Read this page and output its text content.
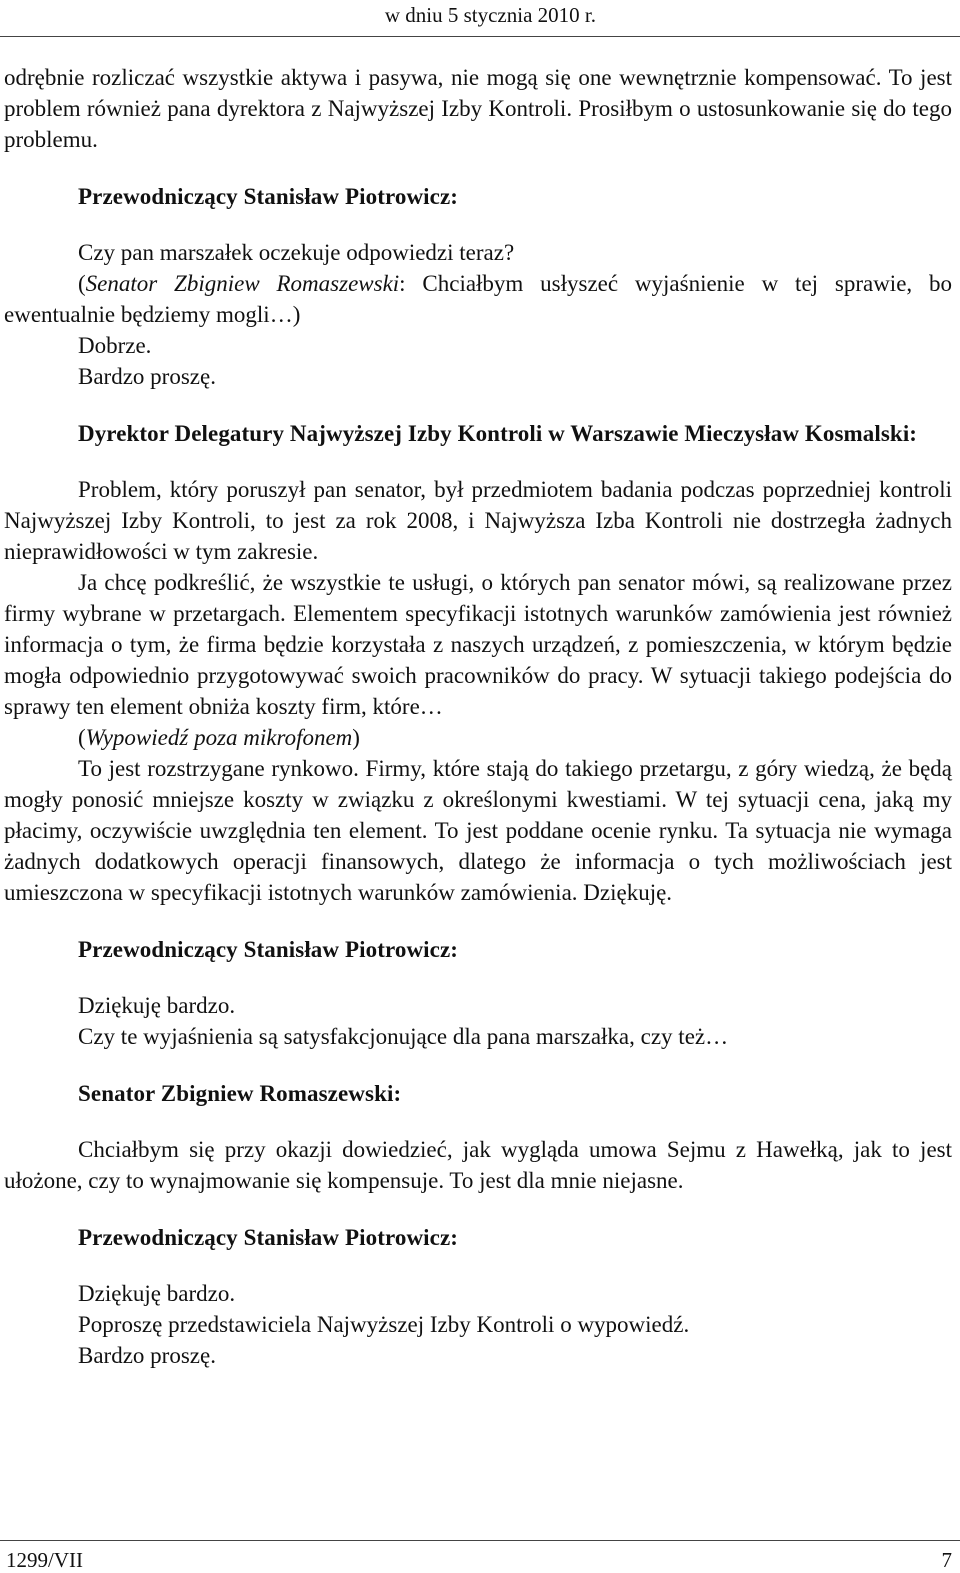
w dniu 5 stycznia 2010 r.

odrębnie rozliczać wszystkie aktywa i pasywa, nie mogą się one wewnętrznie kompensować. To jest problem również pana dyrektora z Najwyższej Izby Kontroli. Prosiłbym o ustosunkowanie się do tego problemu.

Przewodniczący Stanisław Piotrowicz:

Czy pan marszałek oczekuje odpowiedzi teraz?

(Senator Zbigniew Romaszewski: Chciałbym usłyszeć wyjaśnienie w tej sprawie, bo ewentualnie będziemy mogli…)

Dobrze.

Bardzo proszę.

Dyrektor Delegatury Najwyższej Izby Kontroli w Warszawie Mieczysław Kosmalski:

Problem, który poruszył pan senator, był przedmiotem badania podczas poprzedniej kontroli Najwyższej Izby Kontroli, to jest za rok 2008, i Najwyższa Izba Kontroli nie dostrzegła żadnych nieprawidłowości w tym zakresie.

Ja chcę podkreślić, że wszystkie te usługi, o których pan senator mówi, są realizowane przez firmy wybrane w przetargach. Elementem specyfikacji istotnych warunków zamówienia jest również informacja o tym, że firma będzie korzystała z naszych urządzeń, z pomieszczenia, w którym będzie mogła odpowiednio przygotowywać swoich pracowników do pracy. W sytuacji takiego podejścia do sprawy ten element obniża koszty firm, które…

(Wypowiedź poza mikrofonem)

To jest rozstrzygane rynkowo. Firmy, które stają do takiego przetargu, z góry wiedzą, że będą mogły ponosić mniejsze koszty w związku z określonymi kwestiami. W tej sytuacji cena, jaką my płacimy, oczywiście uwzględnia ten element. To jest poddane ocenie rynku. Ta sytuacja nie wymaga żadnych dodatkowych operacji finansowych, dlatego że informacja o tych możliwościach jest umieszczona w specyfikacji istotnych warunków zamówienia. Dziękuję.

Przewodniczący Stanisław Piotrowicz:

Dziękuję bardzo.

Czy te wyjaśnienia są satysfakcjonujące dla pana marszałka, czy też…

Senator Zbigniew Romaszewski:

Chciałbym się przy okazji dowiedzieć, jak wygląda umowa Sejmu z Hawełką, jak to jest ułożone, czy to wynajmowanie się kompensuje. To jest dla mnie niejasne.

Przewodniczący Stanisław Piotrowicz:

Dziękuję bardzo.

Poproszę przedstawiciela Najwyższej Izby Kontroli o wypowiedź.

Bardzo proszę.

1299/VII	7
